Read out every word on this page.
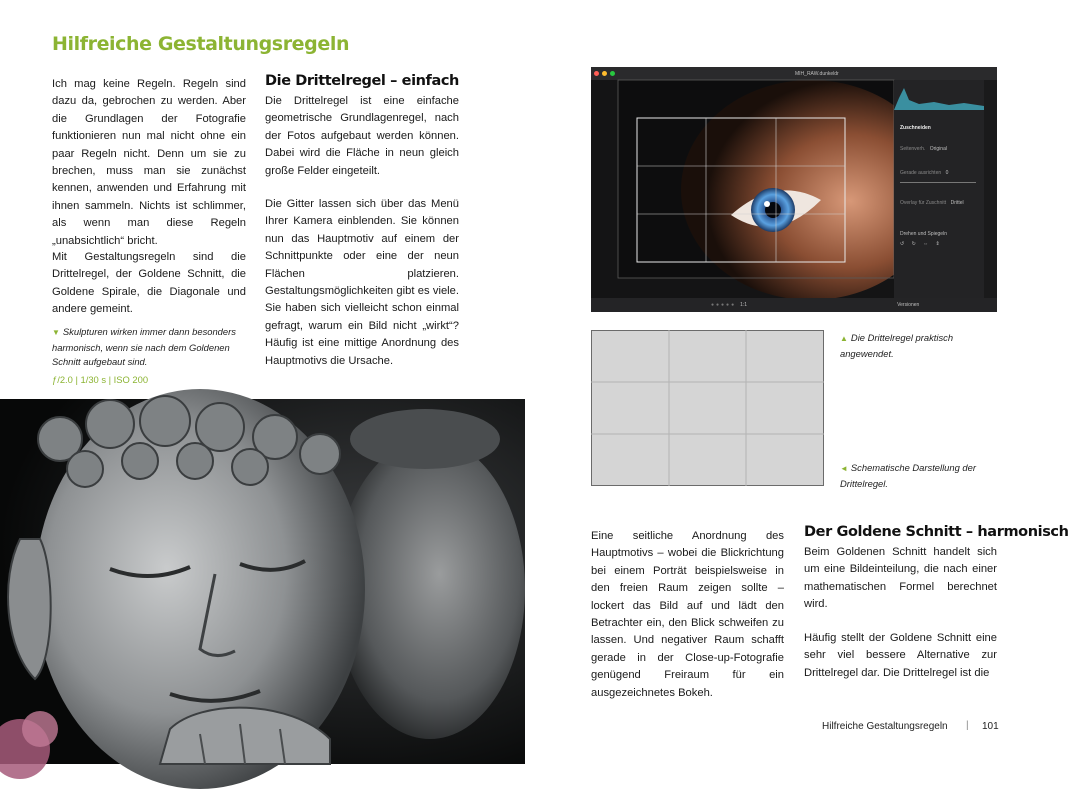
Hilfreiche Gestaltungsregeln
Ich mag keine Regeln. Regeln sind dazu da, gebrochen zu werden. Aber die Grundlagen der Fotografie funktionieren nun mal nicht ohne ein paar Regeln nicht. Denn um sie zu brechen, muss man sie zunächst kennen, anwenden und Erfahrung mit ihnen sammeln. Nichts ist schlimmer, als wenn man diese Regeln „unabsichtlich“ bricht.
Mit Gestaltungsregeln sind die Drittelregel, der Goldene Schnitt, die Goldene Spirale, die Diagonale und andere gemeint.
▼ Skulpturen wirken immer dann besonders harmonisch, wenn sie nach dem Goldenen Schnitt aufgebaut sind.
ƒ/2.0 | 1/30 s | ISO 200
Die Drittelregel – einfach
Die Drittelregel ist eine einfache geometrische Grundlagenregel, nach der Fotos aufgebaut werden können. Dabei wird die Fläche in neun gleich große Felder eingeteilt.
Die Gitter lassen sich über das Menü Ihrer Kamera einblenden. Sie können nun das Hauptmotiv auf einem der Schnittpunkte oder eine der neun Flächen platzieren. Gestaltungsmöglichkeiten gibt es viele. Sie haben sich vielleicht schon einmal gefragt, warum ein Bild nicht „wirkt“? Häufig ist eine mittige Anordnung des Hauptmotivs die Ursache.
MIH_RAW.dunkeldr
Zuschneiden
Seitenverh. Original
Gerade ausrichten 0
Overlay für Zuschnitt Drittel
Drehen und Spiegeln
↺ ↻ ⇔ ⇕
●●●●● 1:1	Versionen
▲ Die Drittelregel praktisch angewendet.
◄ Schematische Darstellung der Drittelregel.
Eine seitliche Anordnung des Hauptmotivs – wobei die Blickrichtung bei einem Porträt beispielsweise in den freien Raum zeigen sollte – lockert das Bild auf und lädt den Betrachter ein, den Blick schweifen zu lassen. Und negativer Raum schafft gerade in der Close-up-Fotografie genügend Freiraum für ein ausgezeichnetes Bokeh.
Der Goldene Schnitt – harmonisch
Beim Goldenen Schnitt handelt sich um eine Bildeinteilung, die nach einer mathematischen Formel berechnet wird.
Häufig stellt der Goldene Schnitt eine sehr viel bessere Alternative zur Drittelregel dar. Die Drittelregel ist die
Hilfreiche Gestaltungsregeln | 101
